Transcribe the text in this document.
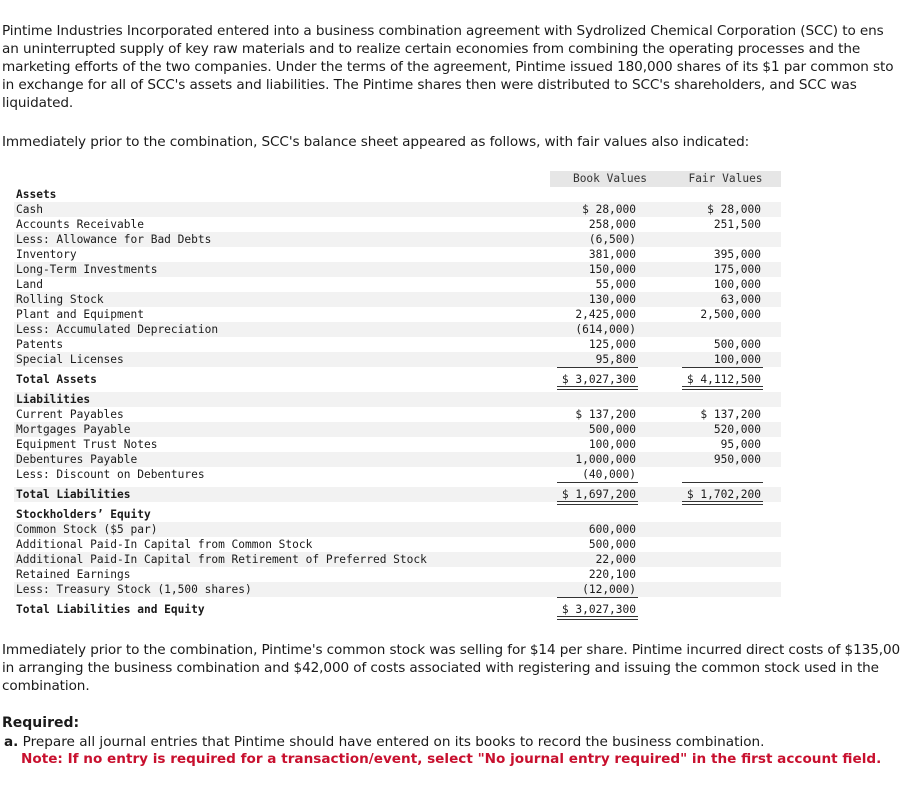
Pintime Industries Incorporated entered into a business combination agreement with Sydrolized Chemical Corporation (SCC) to ens
an uninterrupted supply of key raw materials and to realize certain economies from combining the operating processes and the
marketing efforts of the two companies. Under the terms of the agreement, Pintime issued 180,000 shares of its $1 par common sto
in exchange for all of SCC's assets and liabilities. The Pintime shares then were distributed to SCC's shareholders, and SCC was
liquidated.
Immediately prior to the combination, SCC's balance sheet appeared as follows, with fair values also indicated:
Book Values	Fair Values
Assets
Cash	$ 28,000	$ 28,000
Accounts Receivable	258,000	251,500
Less: Allowance for Bad Debts	(6,500)
Inventory	381,000	395,000
Long-Term Investments	150,000	175,000
Land	55,000	100,000
Rolling Stock	130,000	63,000
Plant and Equipment	2,425,000	2,500,000
Less: Accumulated Depreciation	(614,000)
Patents	125,000	500,000
Special Licenses	95,800	100,000
Total Assets	$ 3,027,300	$ 4,112,500
Liabilities
Current Payables	$ 137,200	$ 137,200
Mortgages Payable	500,000	520,000
Equipment Trust Notes	100,000	95,000
Debentures Payable	1,000,000	950,000
Less: Discount on Debentures	(40,000)
Total Liabilities	$ 1,697,200	$ 1,702,200
Stockholders’ Equity
Common Stock ($5 par)	600,000
Additional Paid-In Capital from Common Stock	500,000
Additional Paid-In Capital from Retirement of Preferred Stock	22,000
Retained Earnings	220,100
Less: Treasury Stock (1,500 shares)	(12,000)
Total Liabilities and Equity	$ 3,027,300
Immediately prior to the combination, Pintime's common stock was selling for $14 per share. Pintime incurred direct costs of $135,00
in arranging the business combination and $42,000 of costs associated with registering and issuing the common stock used in the
combination.
Required:
a. Prepare all journal entries that Pintime should have entered on its books to record the business combination.
Note: If no entry is required for a transaction/event, select "No journal entry required" in the first account field.
